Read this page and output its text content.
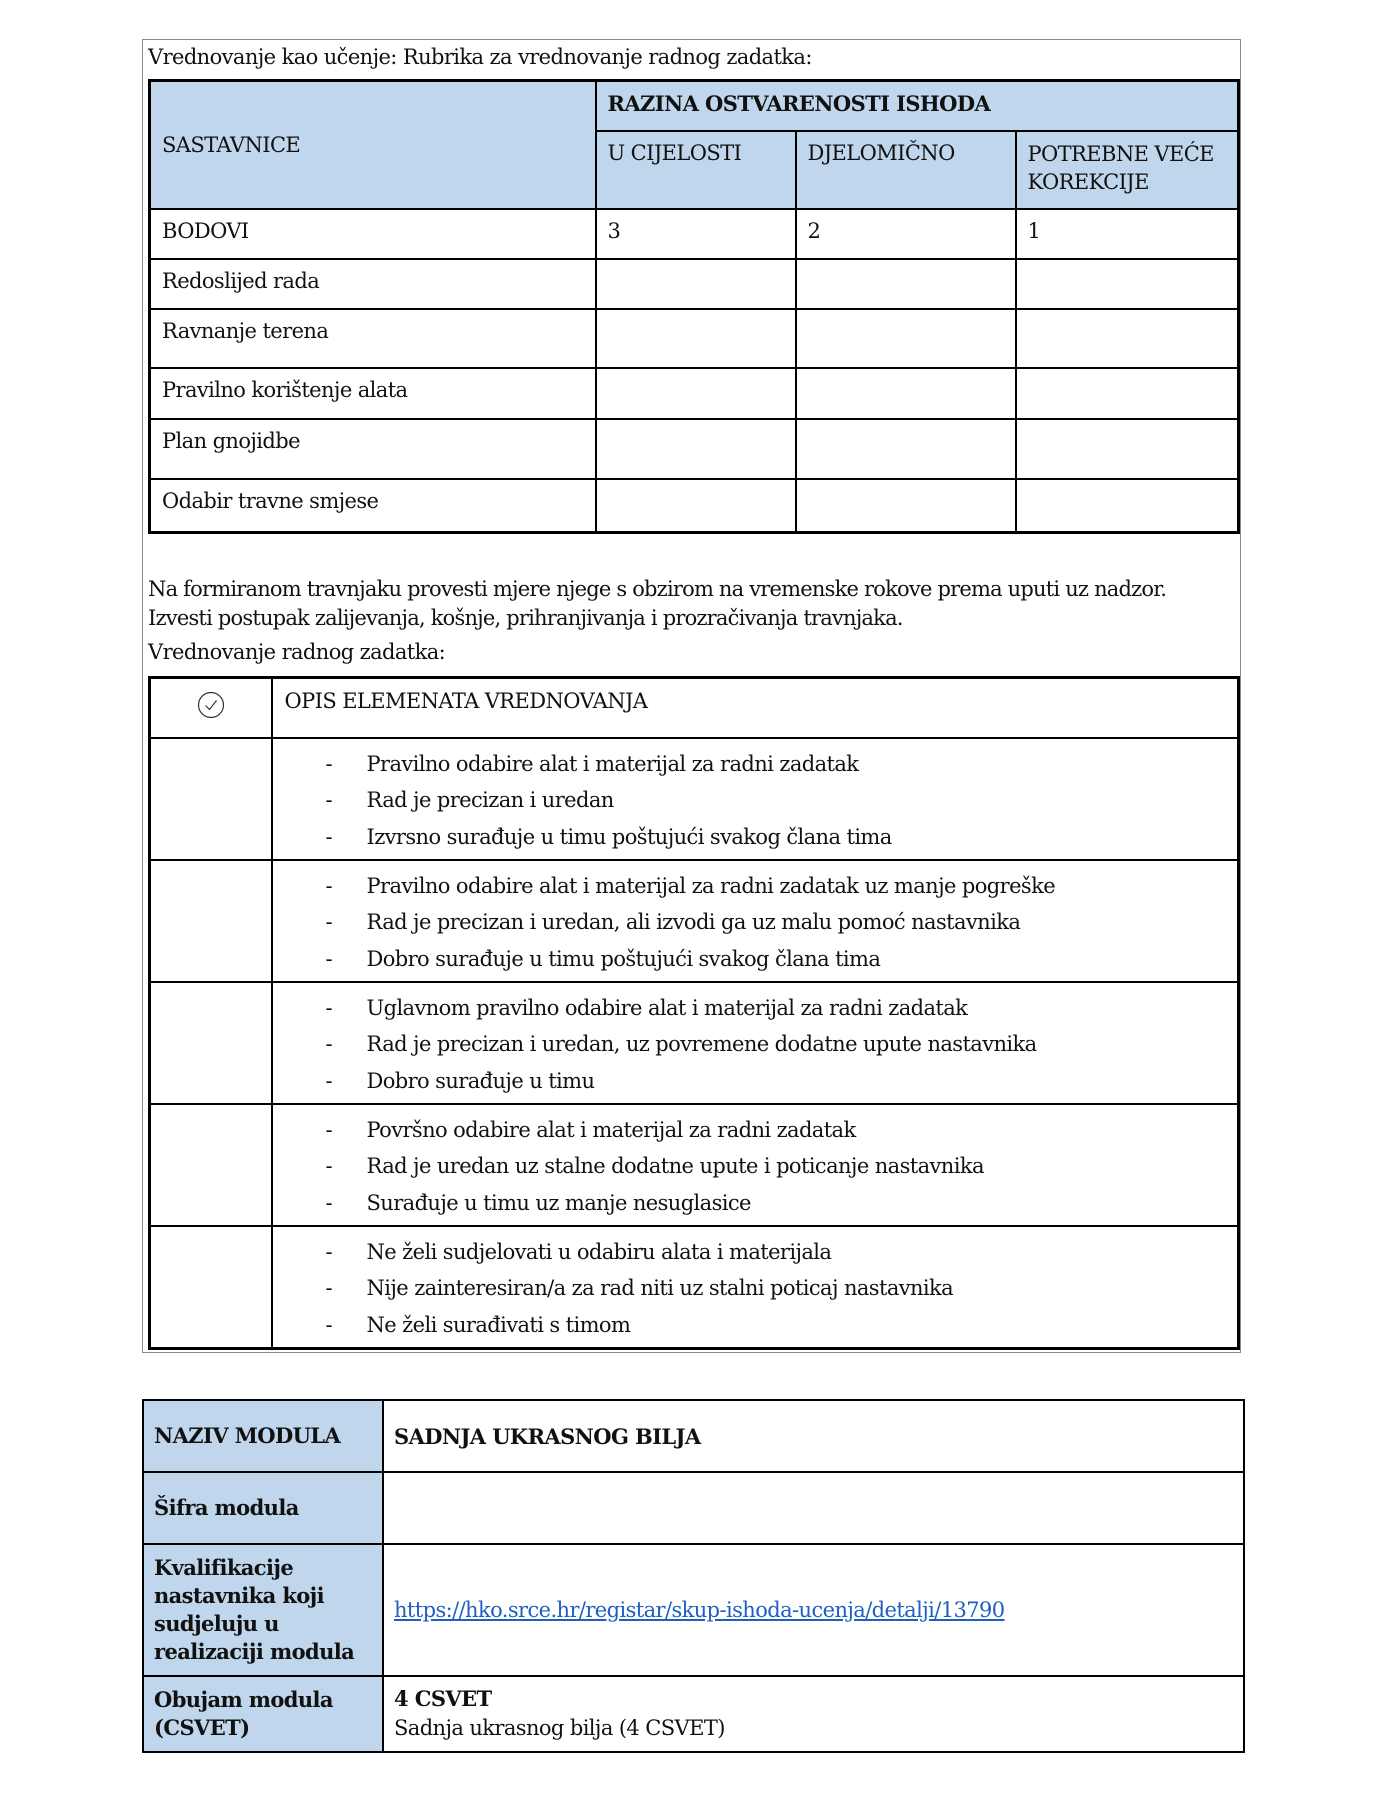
Vrednovanje kao učenje: Rubrika za vrednovanje radnog zadatka:
SASTAVNICE	RAZINA OSTVARENOSTI ISHODA		
	U CIJELOSTI	DJELOMIČNO	POTREBNE VEĆE KOREKCIJE
BODOVI	3	2	1
Redoslijed rada			
Ravnanje terena			
Pravilno korištenje alata			
Plan gnojidbe			
Odabir travne smjese			
Na formiranom travnjaku provesti mjere njege s obzirom na vremenske rokove prema uputi uz nadzor. Izvesti postupak zalijevanja, košnje, prihranjivanja i prozračivanja travnjaka.
Vrednovanje radnog zadatka:
	OPIS ELEMENATA VREDNOVANJA

- Pravilno odabire alat i materijal za radni zadatak
- Rad je precizan i uredan
- Izvrsno surađuje u timu poštujući svakog člana tima

- Pravilno odabire alat i materijal za radni zadatak uz manje pogreške
- Rad je precizan i uredan, ali izvodi ga uz malu pomoć nastavnika
- Dobro surađuje u timu poštujući svakog člana tima

- Uglavnom pravilno odabire alat i materijal za radni zadatak
- Rad je precizan i uredan, uz povremene dodatne upute nastavnika
- Dobro surađuje u timu

- Površno odabire alat i materijal za radni zadatak
- Rad je uredan uz stalne dodatne upute i poticanje nastavnika
- Surađuje u timu uz manje nesuglasice

- Ne želi sudjelovati u odabiru alata i materijala
- Nije zainteresiran/a za rad niti uz stalni poticaj nastavnika
- Ne želi surađivati s timom
NAZIV MODULA	SADNJA UKRASNOG BILJA
Šifra modula	
Kvalifikacije nastavnika koji sudjeluju u realizaciji modula	https://hko.srce.hr/registar/skup-ishoda-ucenja/detalji/13790
Obujam modula (CSVET)	4 CSVET
Sadnja ukrasnog bilja (4 CSVET)
